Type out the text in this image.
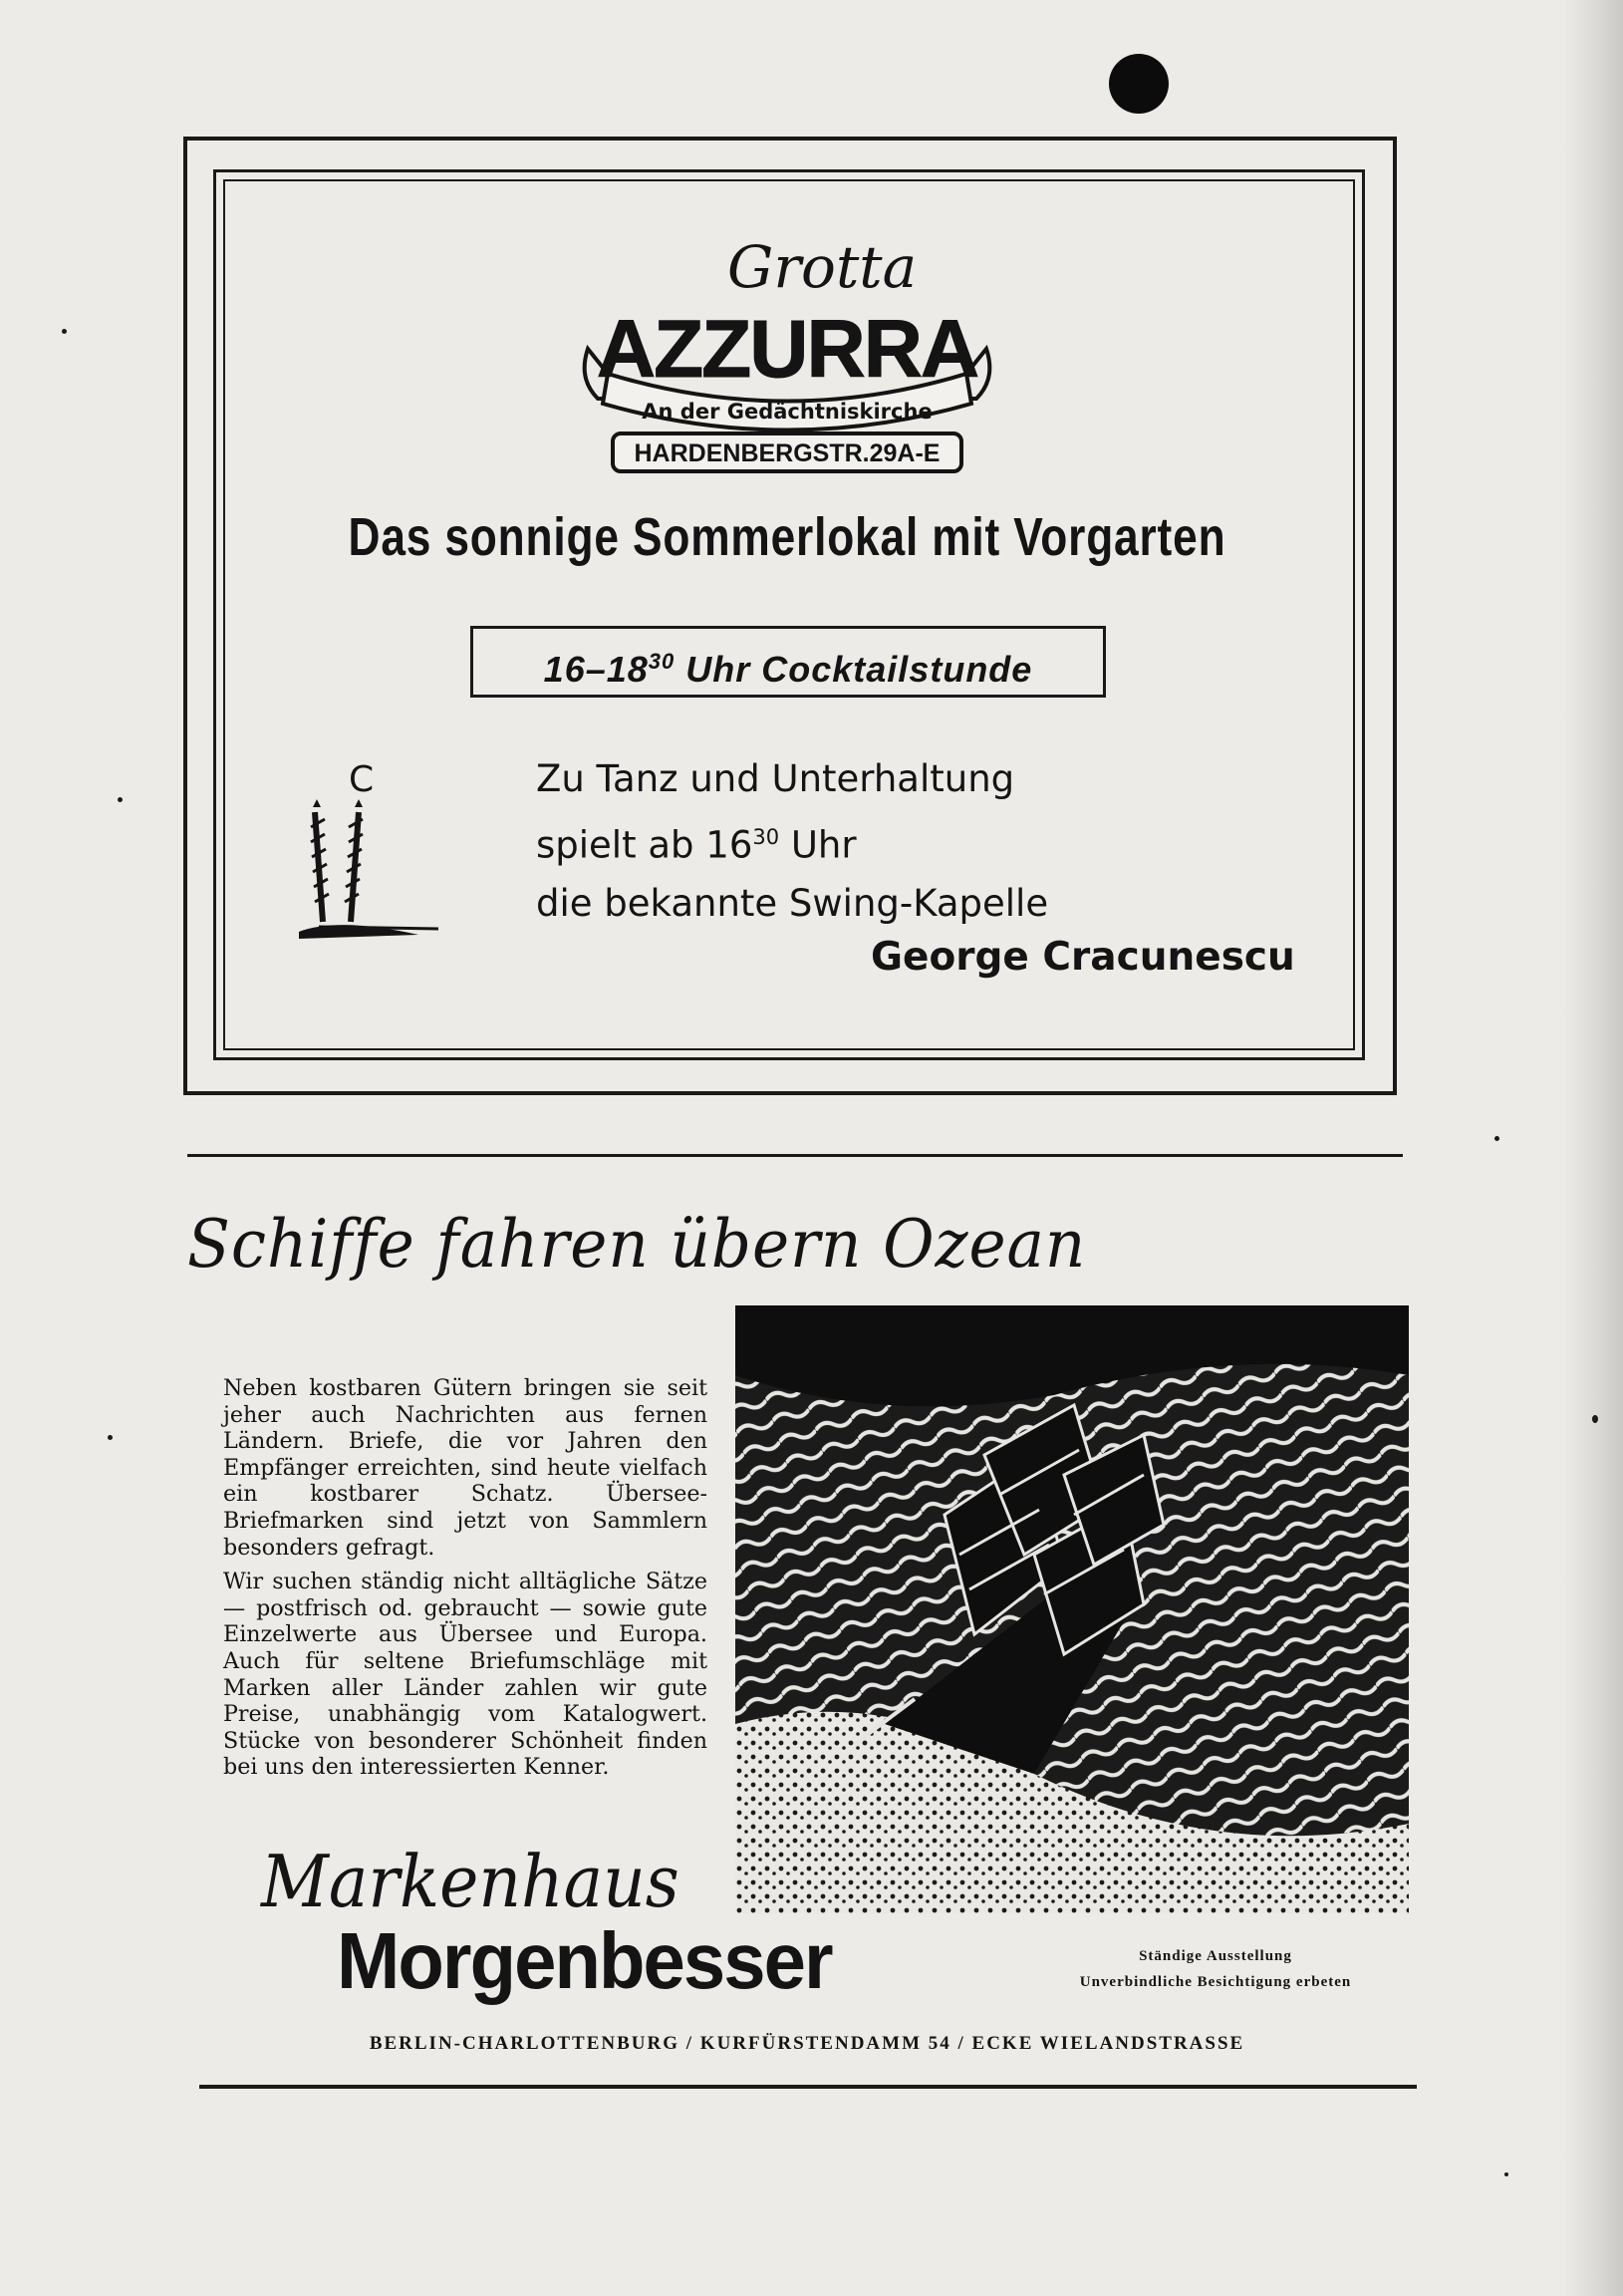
Grotta
AZZURRA
An der Gedächtniskirche
HARDENBERGSTR.29A-E
Das sonnige Sommerlokal mit Vorgarten
$16-18^{30}$ Uhr Cocktailstunde
C	Zu Tanz und Unterhaltung
spielt ab $16^{30}$ Uhr
die bekannte Swing-Kapelle
George Cracunescu
Schiffe fahren übern Ozean

Neben kostbaren Gütern bringen sie seit jeher auch Nachrichten aus fernen Ländern. Briefe, die vor Jahren den Empfänger erreichten, sind heute vielfach ein kostbarer Schatz. Übersee-Briefmarken sind jetzt von Sammlern besonders gefragt.

Wir suchen ständig nicht alltägliche Sätze — postfrisch od. gebraucht — sowie gute Einzelwerte aus Übersee und Europa. Auch für seltene Briefumschläge mit Marken aller Länder zahlen wir gute Preise, unabhängig vom Katalogwert. Stücke von besonderer Schönheit finden bei uns den interessierten Kenner.

Markenhaus
Morgenbesser	Ständige Ausstellung
Unverbindliche Besichtigung erbeten
BERLIN-CHARLOTTENBURG / KURFÜRSTENDAMM 54 / ECKE WIELANDSTRASSE
